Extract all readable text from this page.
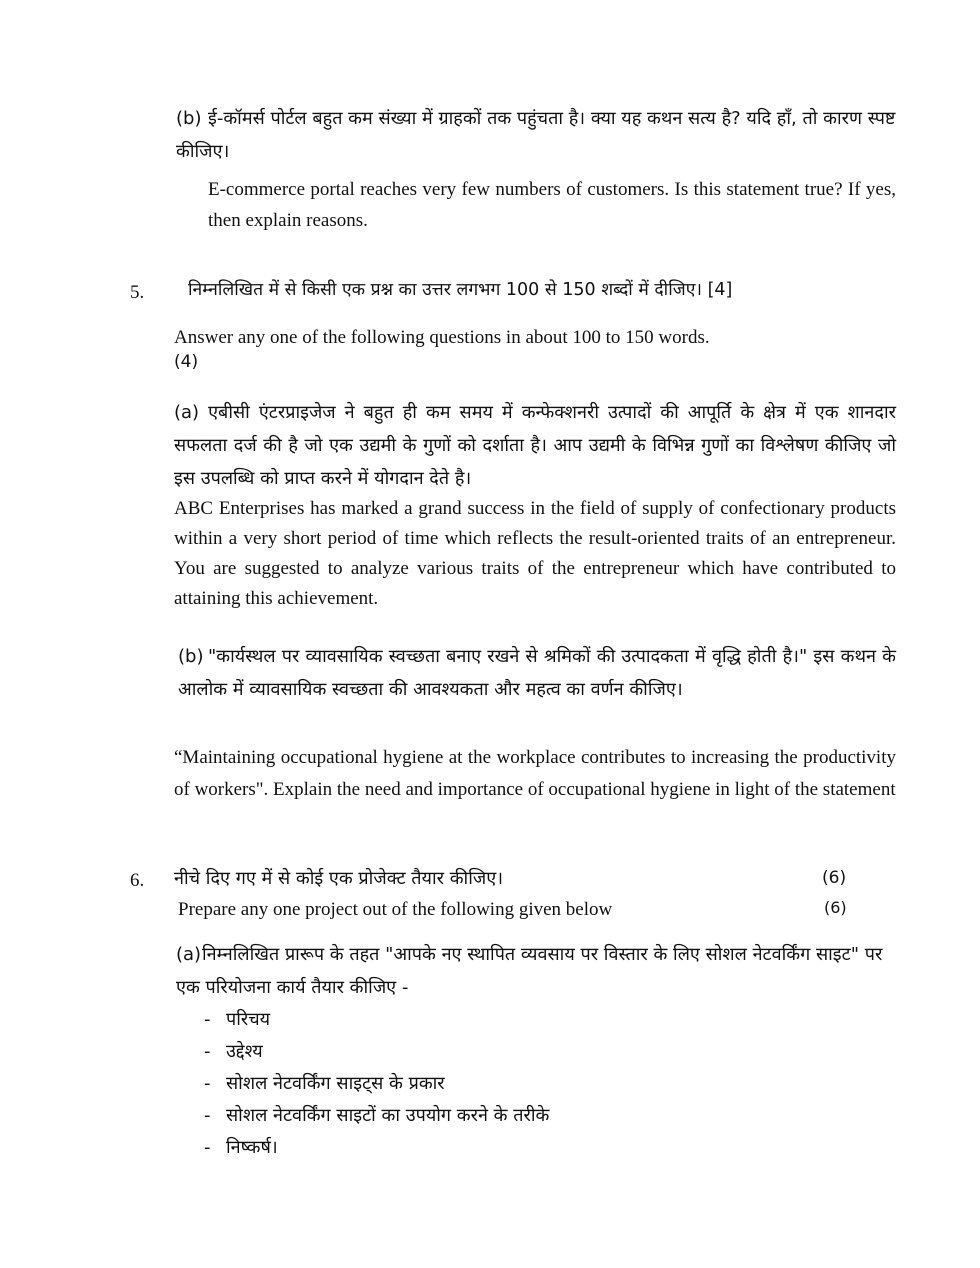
(b) ई-कॉमर्स पोर्टल बहुत कम संख्या में ग्राहकों तक पहुंचता है। क्या यह कथन सत्य है? यदि हाँ, तो कारण स्पष्ट कीजिए।
E-commerce portal reaches very few numbers of customers. Is this statement true? If yes, then explain reasons.
5.	निम्नलिखित में से किसी एक प्रश्न का उत्तर लगभग 100 से 150 शब्दों में दीजिए। [4]
Answer any one of the following questions in about 100 to 150 words.
(4)
(a) एबीसी एंटरप्राइजेज ने बहुत ही कम समय में कन्फेक्शनरी उत्पादों की आपूर्ति के क्षेत्र में एक शानदार सफलता दर्ज की है जो एक उद्यमी के गुणों को दर्शाता है। आप उद्यमी के विभिन्न गुणों का विश्लेषण कीजिए जो इस उपलब्धि को प्राप्त करने में योगदान देते है।
ABC Enterprises has marked a grand success in the field of supply of confectionary products within a very short period of time which reflects the result-oriented traits of an entrepreneur. You are suggested to analyze various traits of the entrepreneur which have contributed to attaining this achievement.
(b) "कार्यस्थल पर व्यावसायिक स्वच्छता बनाए रखने से श्रमिकों की उत्पादकता में वृद्धि होती है।" इस कथन के आलोक में व्यावसायिक स्वच्छता की आवश्यकता और महत्व का वर्णन कीजिए।
“Maintaining occupational hygiene at the workplace contributes to increasing the productivity of workers". Explain the need and importance of occupational hygiene in light of the statement
6. नीचे दिए गए में से कोई एक प्रोजेक्ट तैयार कीजिए।	(6)
Prepare any one project out of the following given below	(6)
(a)निम्नलिखित प्रारूप के तहत "आपके नए स्थापित व्यवसाय पर विस्तार के लिए सोशल नेटवर्किंग साइट" पर एक परियोजना कार्य तैयार कीजिए -
- परिचय
- उद्देश्य
- सोशल नेटवर्किंग साइट्स के प्रकार
- सोशल नेटवर्किंग साइटों का उपयोग करने के तरीके
- निष्कर्ष।
